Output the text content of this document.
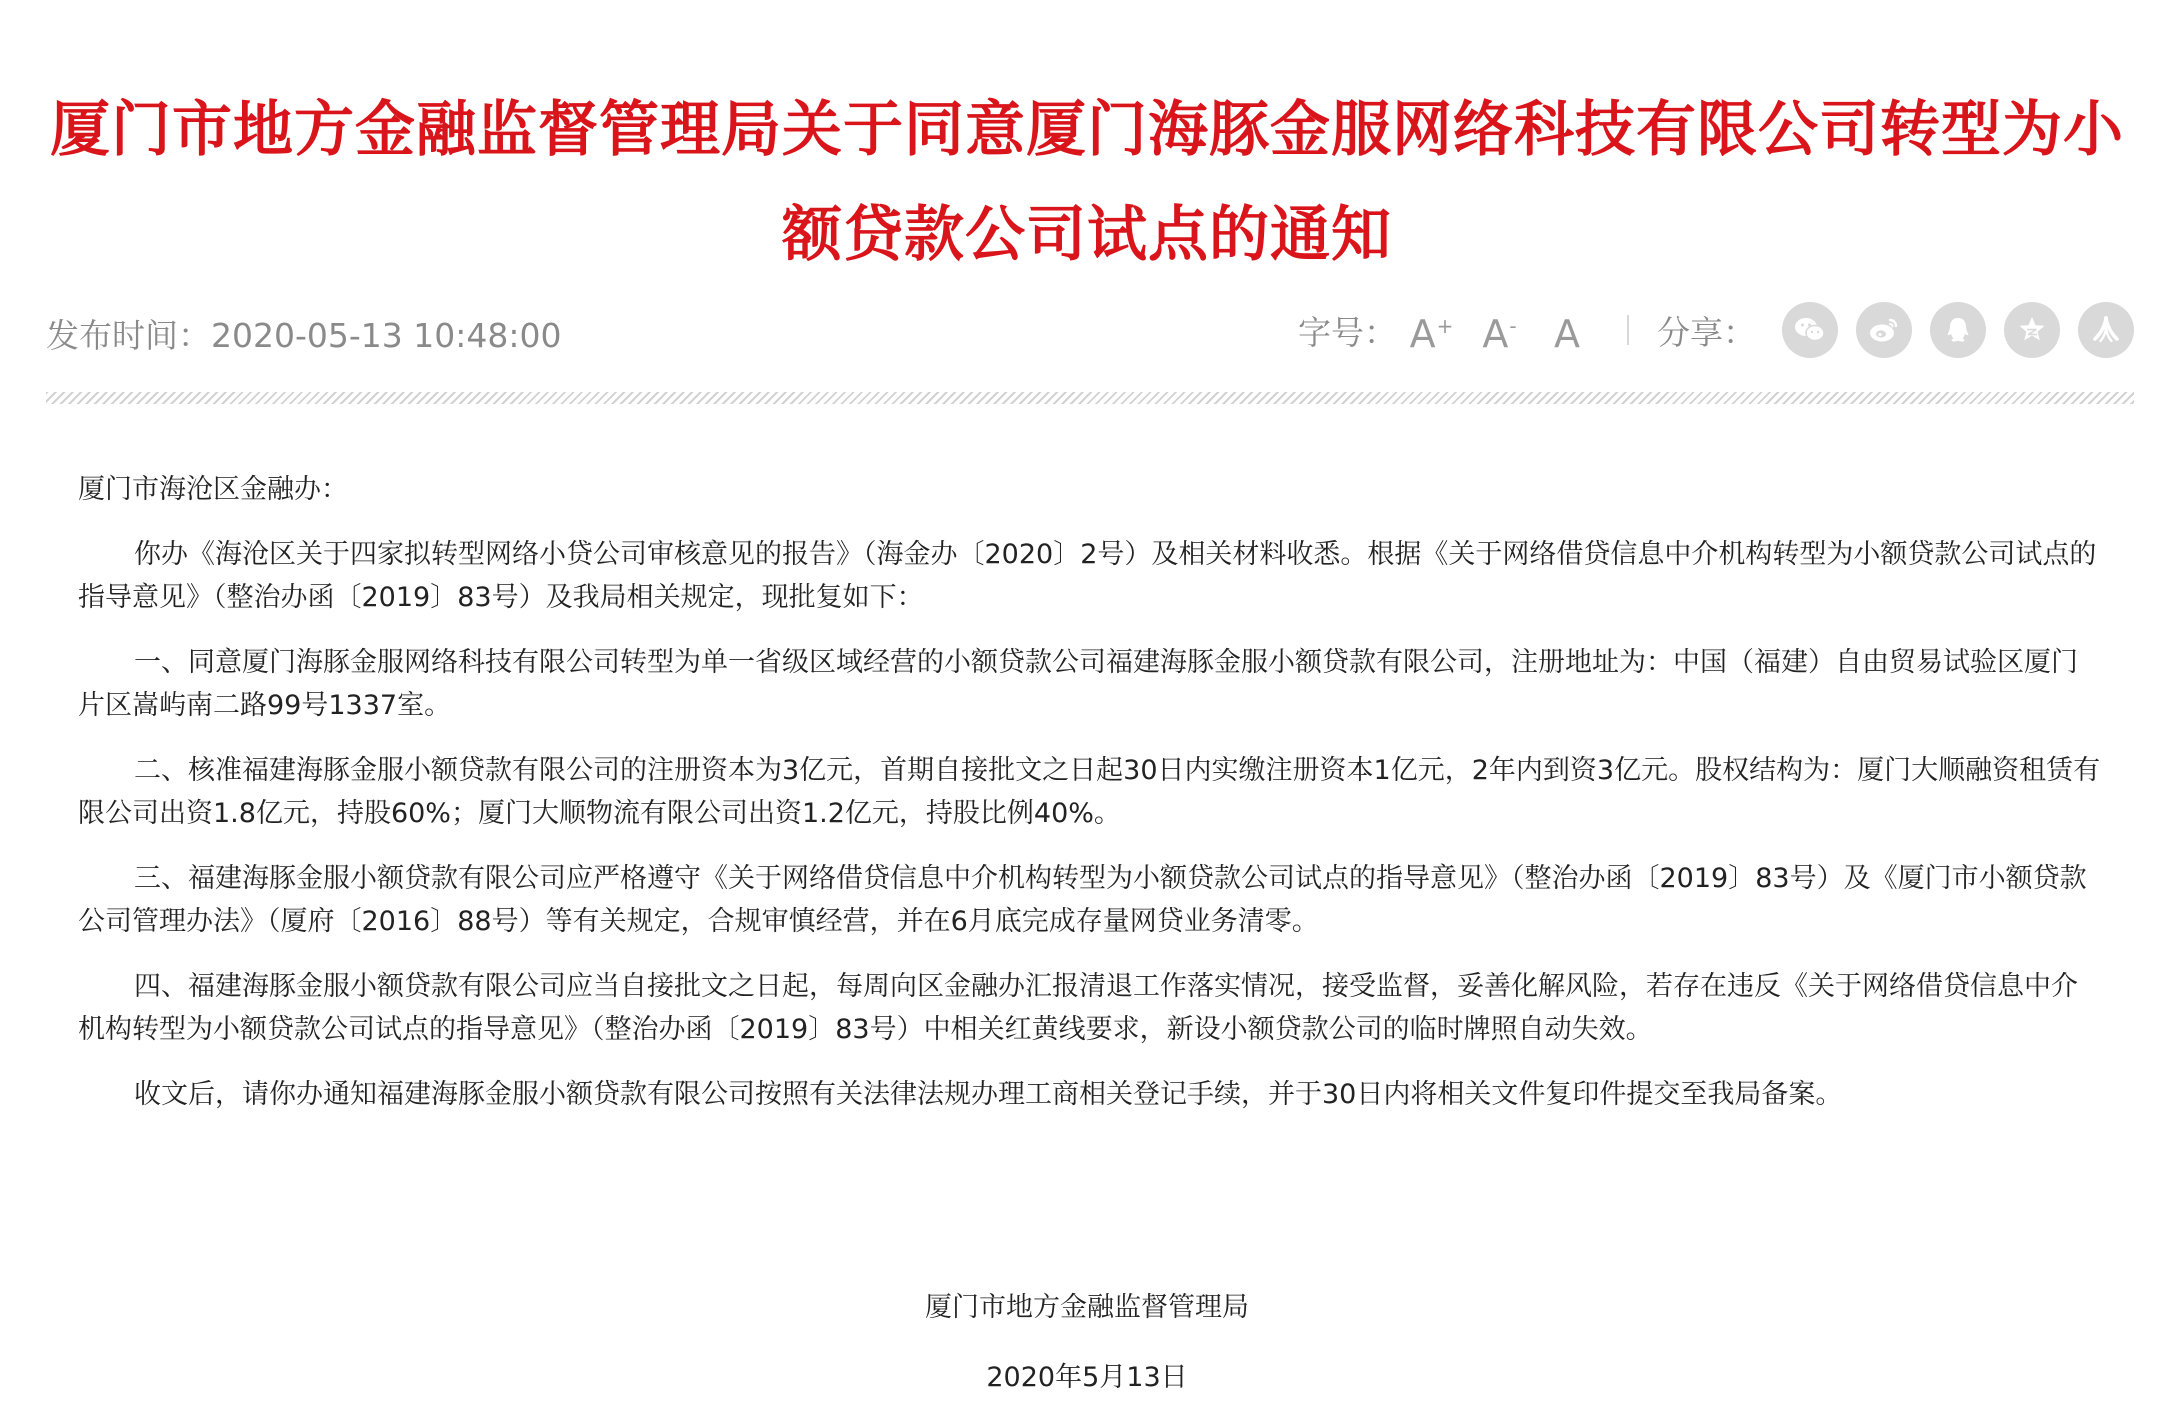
厦门市地方金融监督管理局关于同意厦门海豚金服网络科技有限公司转型为小额贷款公司试点的通知
发布时间：2020-05-13 10:48:00	字号： A+ A- A 分享：

厦门市海沧区金融办：

你办《海沧区关于四家拟转型网络小贷公司审核意见的报告》（海金办〔2020〕2号）及相关材料收悉。根据《关于网络借贷信息中介机构转型为小额贷款公司试点的指导意见》（整治办函〔2019〕83号）及我局相关规定，现批复如下：

一、同意厦门海豚金服网络科技有限公司转型为单一省级区域经营的小额贷款公司福建海豚金服小额贷款有限公司，注册地址为：中国（福建）自由贸易试验区厦门片区嵩屿南二路99号1337室。

二、核准福建海豚金服小额贷款有限公司的注册资本为3亿元，首期自接批文之日起30日内实缴注册资本1亿元，2年内到资3亿元。股权结构为：厦门大顺融资租赁有限公司出资1.8亿元，持股60%；厦门大顺物流有限公司出资1.2亿元，持股比例40%。

三、福建海豚金服小额贷款有限公司应严格遵守《关于网络借贷信息中介机构转型为小额贷款公司试点的指导意见》（整治办函〔2019〕83号）及《厦门市小额贷款公司管理办法》（厦府〔2016〕88号）等有关规定，合规审慎经营，并在6月底完成存量网贷业务清零。

四、福建海豚金服小额贷款有限公司应当自接批文之日起，每周向区金融办汇报清退工作落实情况，接受监督，妥善化解风险，若存在违反《关于网络借贷信息中介机构转型为小额贷款公司试点的指导意见》（整治办函〔2019〕83号）中相关红黄线要求，新设小额贷款公司的临时牌照自动失效。

收文后，请你办通知福建海豚金服小额贷款有限公司按照有关法律法规办理工商相关登记手续，并于30日内将相关文件复印件提交至我局备案。

厦门市地方金融监督管理局
2020年5月13日
